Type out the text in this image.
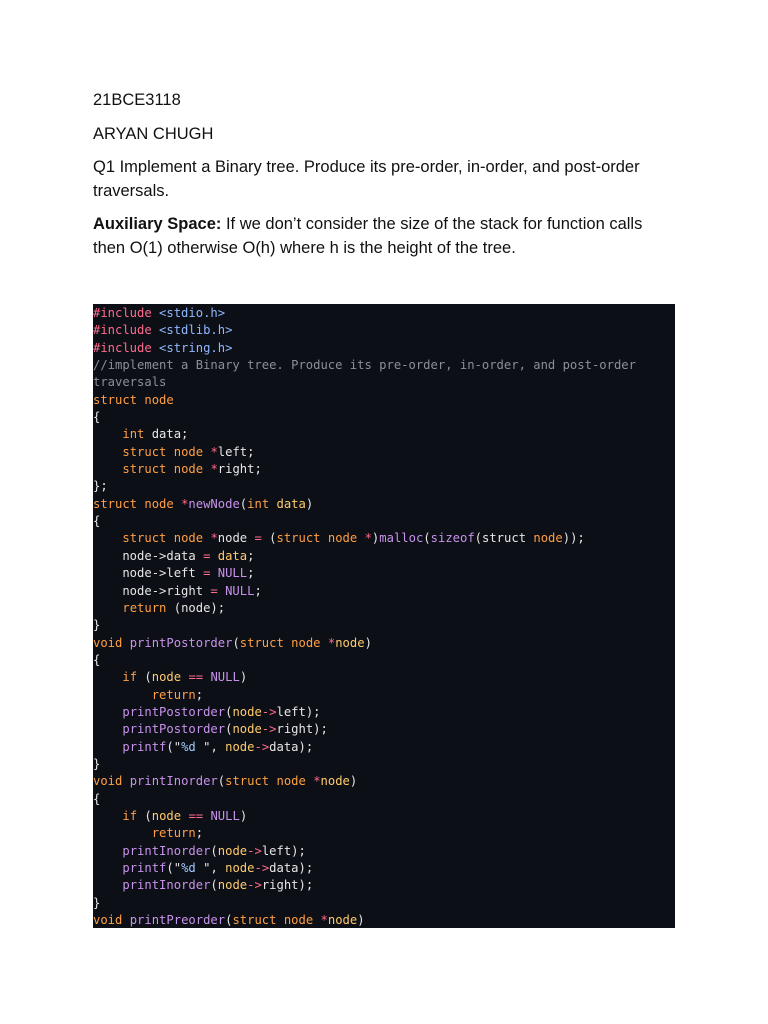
21BCE3118

ARYAN CHUGH

Q1 Implement a Binary tree. Produce its pre-order, in-order, and post-order traversals.

Auxiliary Space: If we don’t consider the size of the stack for function calls then O(1) otherwise O(h) where h is the height of the tree.

#include <stdio.h>
#include <stdlib.h>
#include <string.h>
//implement a Binary tree. Produce its pre-order, in-order, and post-order
traversals
struct node
{
int data;
struct node *left;
struct node *right;
};
struct node *newNode(int data)
{
struct node *node = (struct node *)malloc(sizeof(struct node));
node->data = data;
node->left = NULL;
node->right = NULL;
return (node);
}
void printPostorder(struct node *node)
{
if (node == NULL)
return;
printPostorder(node->left);
printPostorder(node->right);
printf("%d ", node->data);
}
void printInorder(struct node *node)
{
if (node == NULL)
return;
printInorder(node->left);
printf("%d ", node->data);
printInorder(node->right);
}
void printPreorder(struct node *node)
